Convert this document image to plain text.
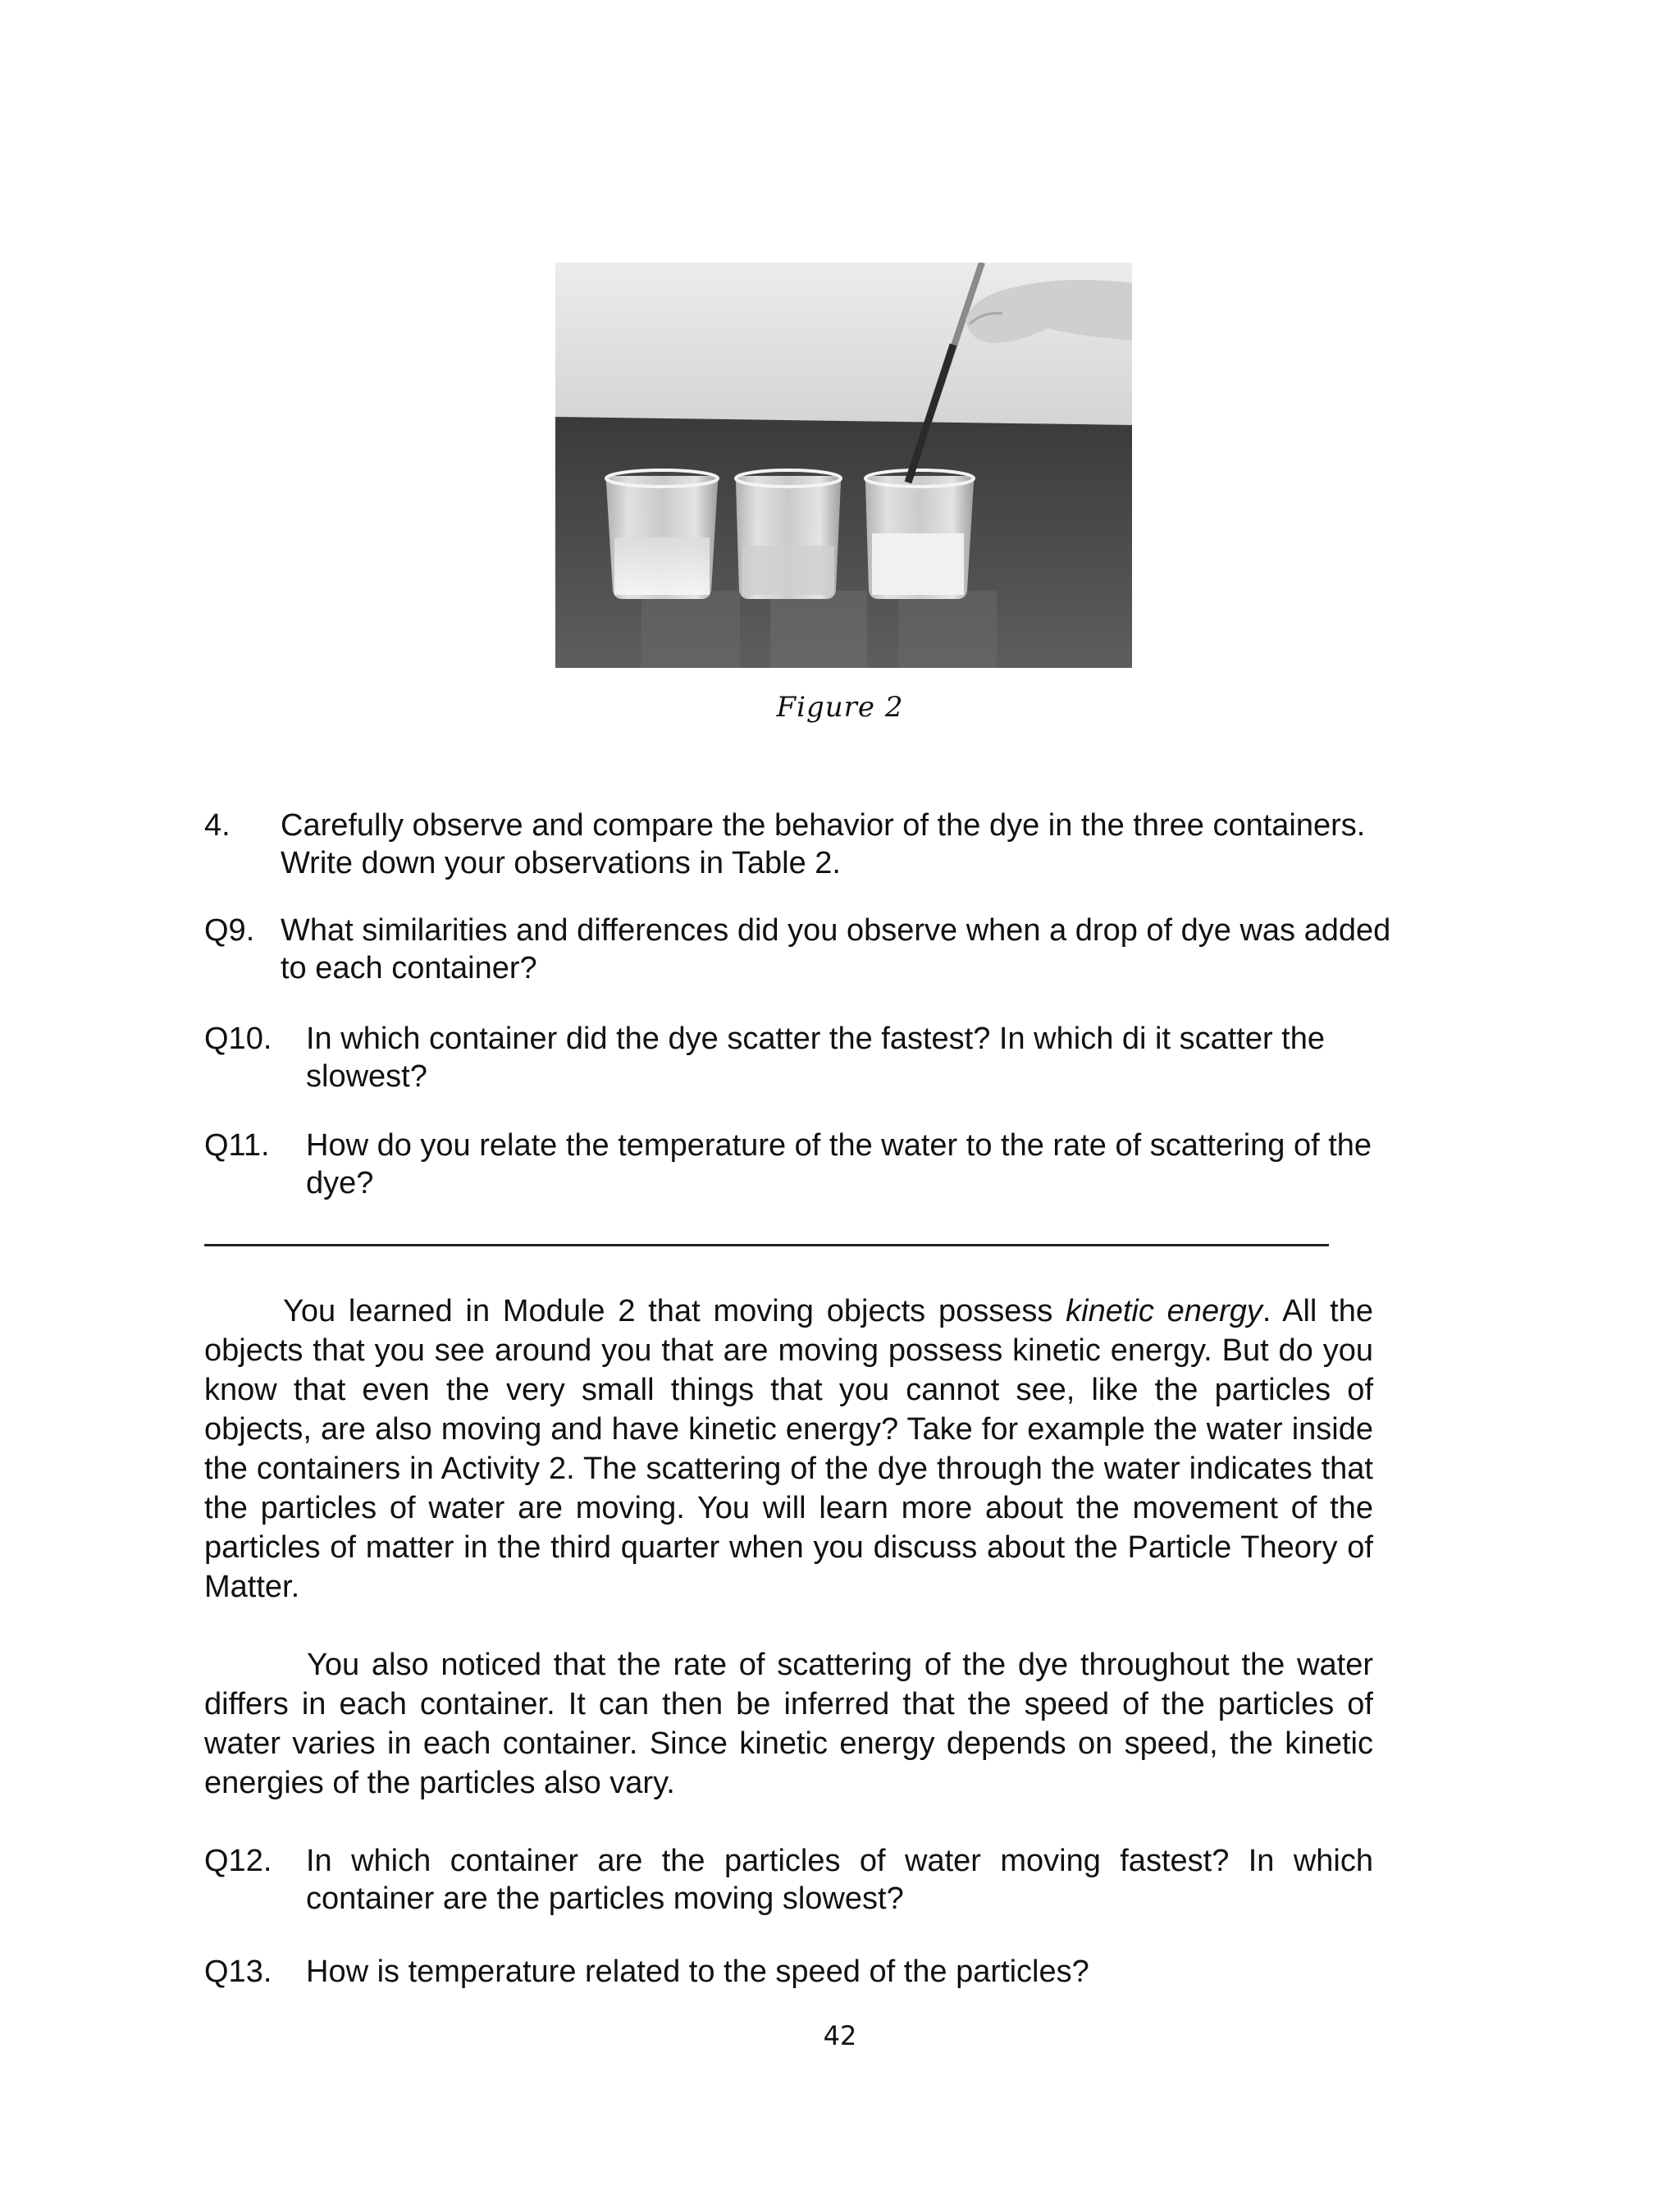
Figure 2
4. Carefully observe and compare the behavior of the dye in the three containers. Write down your observations in Table 2.
Q9. What similarities and differences did you observe when a drop of dye was added to each container?
Q10. In which container did the dye scatter the fastest? In which di it scatter the slowest?
Q11. How do you relate the temperature of the water to the rate of scattering of the dye?
You learned in Module 2 that moving objects possess kinetic energy. All the objects that you see around you that are moving possess kinetic energy. But do you know that even the very small things that you cannot see, like the particles of objects, are also moving and have kinetic energy? Take for example the water inside the containers in Activity 2. The scattering of the dye through the water indicates that the particles of water are moving. You will learn more about the movement of the particles of matter in the third quarter when you discuss about the Particle Theory of Matter.
You also noticed that the rate of scattering of the dye throughout the water differs in each container. It can then be inferred that the speed of the particles of water varies in each container. Since kinetic energy depends on speed, the kinetic energies of the particles also vary.
Q12. In which container are the particles of water moving fastest? In which container are the particles moving slowest?
Q13. How is temperature related to the speed of the particles?
42
